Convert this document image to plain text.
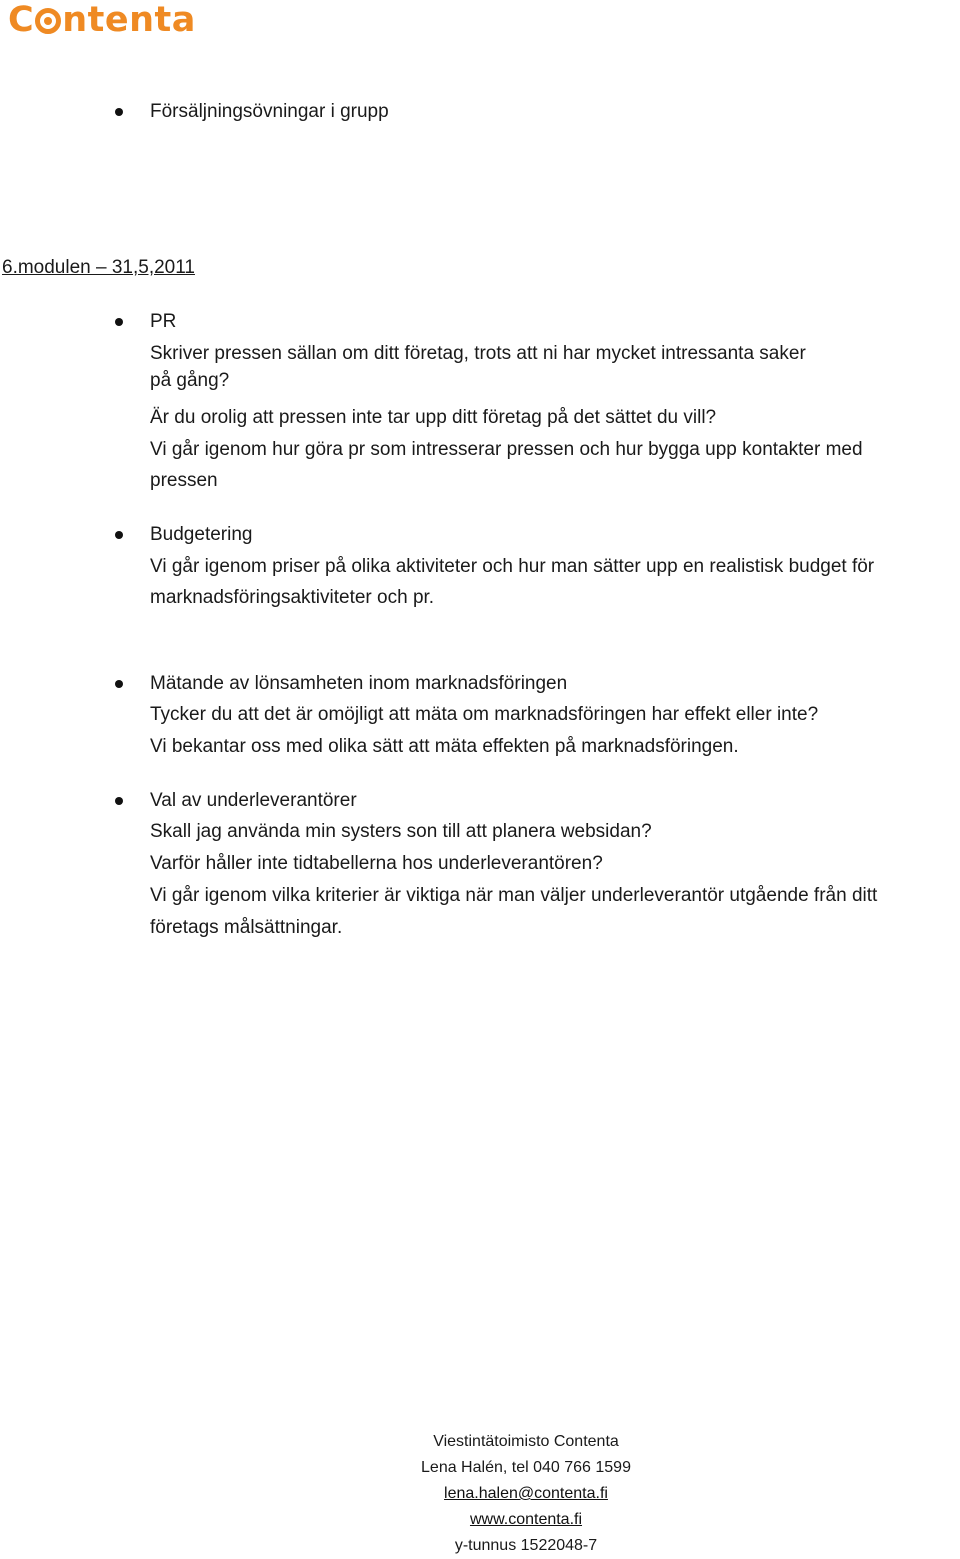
C ntenta
Försäljningsövningar i grupp
6.modulen – 31,5,2011
PR
Skriver pressen sällan om ditt företag, trots att ni har mycket intressanta saker
på gång?
Är du orolig att pressen inte tar upp ditt företag på det sättet du vill?
Vi går igenom hur göra pr som intresserar pressen och hur bygga upp kontakter med
pressen
Budgetering
Vi går igenom priser på olika aktiviteter och hur man sätter upp en realistisk budget för
marknadsföringsaktiviteter och pr.
Mätande av lönsamheten inom marknadsföringen
Tycker du att det är omöjligt att mäta om marknadsföringen har effekt eller inte?
Vi bekantar oss med olika sätt att mäta effekten på marknadsföringen.
Val av underleverantörer
Skall jag använda min systers son till att planera websidan?
Varför håller inte tidtabellerna hos underleverantören?
Vi går igenom vilka kriterier är viktiga när man väljer underleverantör utgående från ditt
företags målsättningar.
Viestintätoimisto Contenta
Lena Halén, tel 040 766 1599
lena.halen@contenta.fi
www.contenta.fi
y-tunnus 1522048-7
